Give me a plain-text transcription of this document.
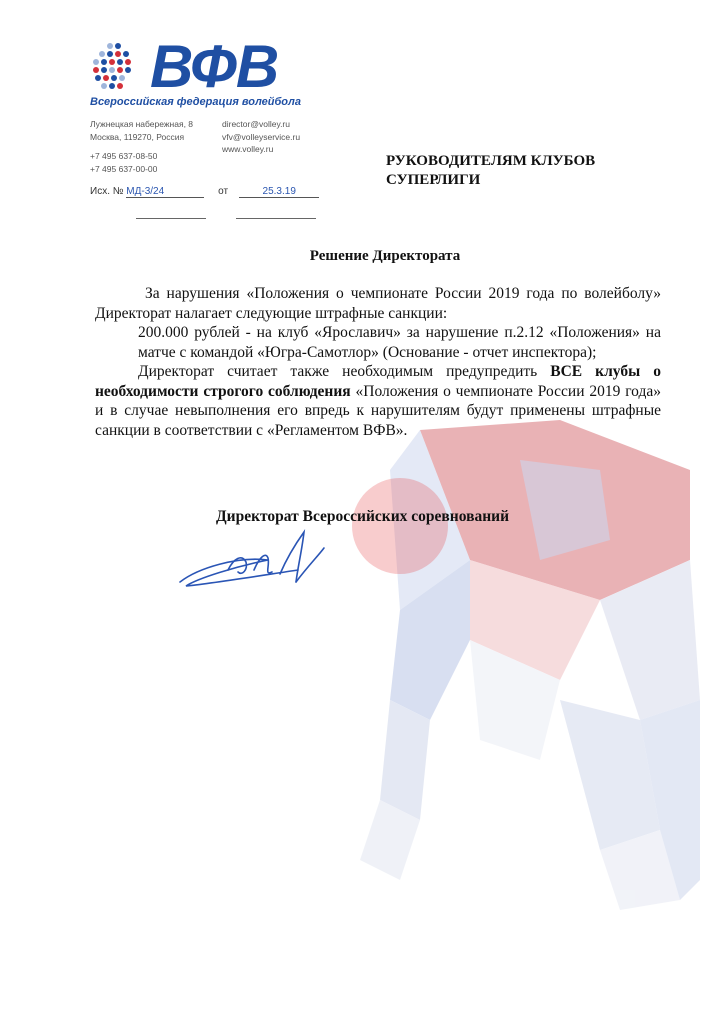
ВФВ
Всероссийская федерация волейбола
Лужнецкая набережная, 8
Москва, 119270, Россия
+7 495 637-08-50
+7 495 637-00-00
director@volley.ru
vfv@volleyservice.ru
www.volley.ru
Исх. № МД-3/24	от	25.3.19
РУКОВОДИТЕЛЯМ КЛУБОВ
СУПЕРЛИГИ
Решение Директората

За нарушения «Положения о чемпионате России 2019 года по волейболу» Директорат налагает следующие штрафные санкции:

200.000 рублей - на клуб «Ярославич» за нарушение п.2.12 «Положения» на матче с командой «Югра-Самотлор» (Основание - отчет инспектора);

Директорат считает также необходимым предупредить ВСЕ клубы о необходимости строгого соблюдения «Положения о чемпионате России 2019 года» и в случае невыполнения его впредь к нарушителям будут применены штрафные санкции в соответствии с «Регламентом ВФВ».

Директорат Всероссийских соревнований
